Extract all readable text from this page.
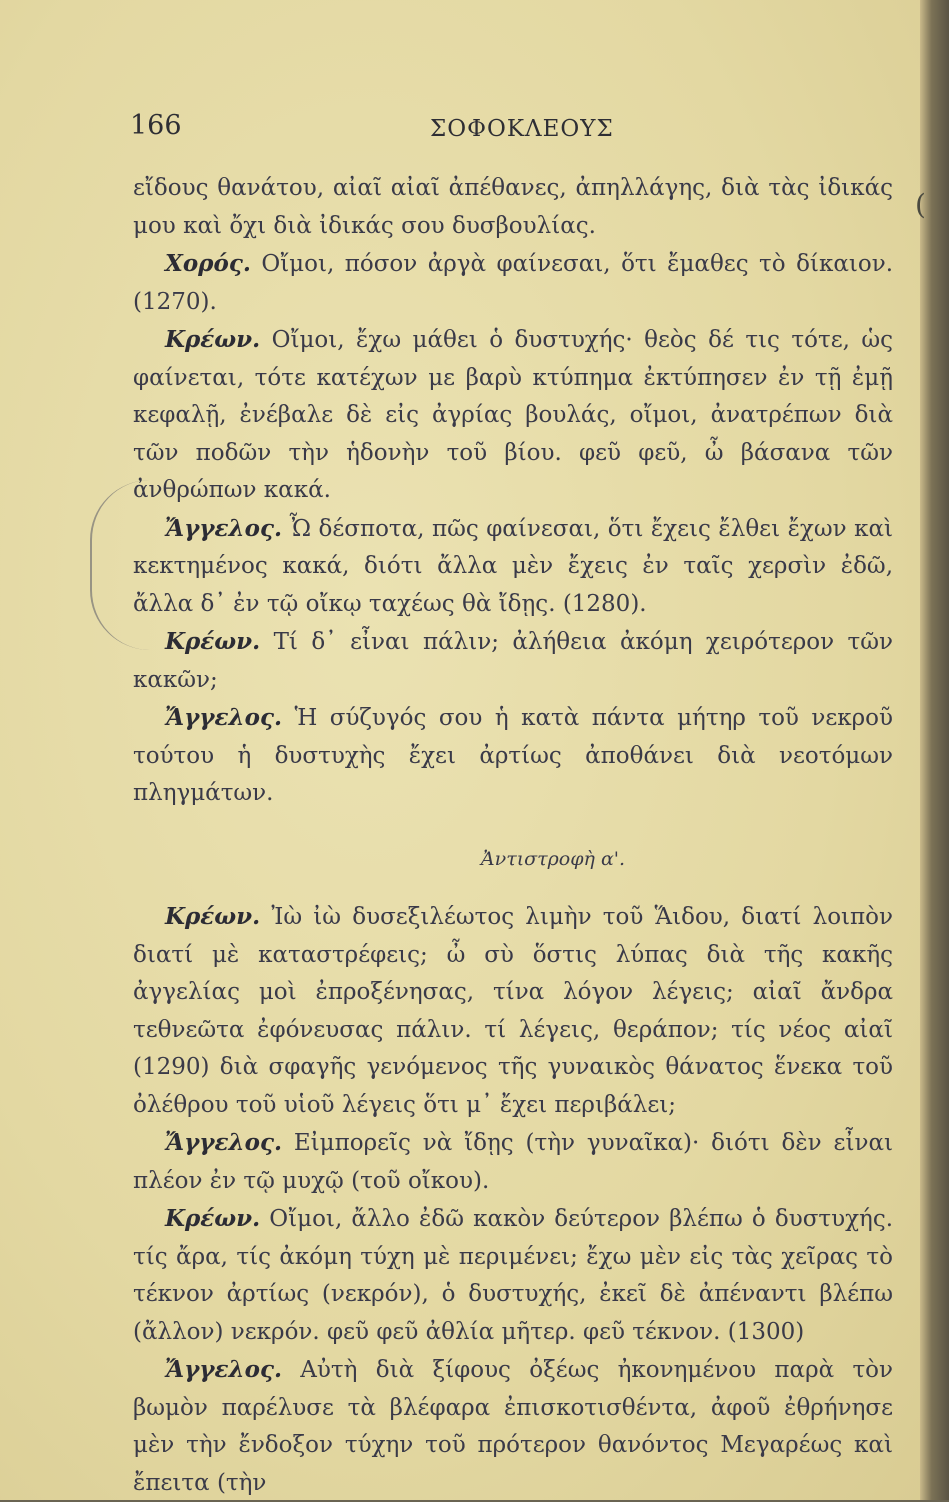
166	ΣΟΦΟΚΛΕΟΥΣ

εἴδους θανάτου, αἰαῖ αἰαῖ ἀπέθανες, ἀπηλλάγης, διὰ τὰς ἰδικάς μου καὶ ὄχι διὰ ἰδικάς σου δυσβουλίας.

Χορός. Οἴμοι, πόσον ἀργὰ φαίνεσαι, ὅτι ἔμαθες τὸ δίκαιον. (1270).

Κρέων. Οἴμοι, ἔχω μάθει ὁ δυστυχής· θεὸς δέ τις τότε, ὡς φαίνεται, τότε κατέχων με βαρὺ κτύπημα ἐκτύπησεν ἐν τῇ ἐμῇ κεφαλῇ, ἐνέβαλε δὲ εἰς ἀγρίας βουλάς, οἴμοι, ἀνατρέπων διὰ τῶν ποδῶν τὴν ἡδονὴν τοῦ βίου. φεῦ φεῦ, ὦ βάσανα τῶν ἀνθρώπων κακά.

Ἄγγελος. Ὦ δέσποτα, πῶς φαίνεσαι, ὅτι ἔχεις ἔλθει ἔχων καὶ κεκτημένος κακά, διότι ἄλλα μὲν ἔχεις ἐν ταῖς χερσὶν ἐδῶ, ἄλλα δ᾽ ἐν τῷ οἴκῳ ταχέως θὰ ἴδῃς. (1280).

Κρέων. Τί δ᾽ εἶναι πάλιν; ἀλήθεια ἀκόμη χειρότερον τῶν κακῶν;

Ἄγγελος. Ἡ σύζυγός σου ἡ κατὰ πάντα μήτηρ τοῦ νεκροῦ τούτου ἡ δυστυχὴς ἔχει ἀρτίως ἀποθάνει διὰ νεοτόμων πληγμάτων.

Ἀντιστροφὴ α'.

Κρέων. Ἰὼ ἰὼ δυσεξιλέωτος λιμὴν τοῦ Ἅιδου, διατί λοιπὸν διατί μὲ καταστρέφεις; ὦ σὺ ὅστις λύπας διὰ τῆς κακῆς ἀγγελίας μοὶ ἐπροξένησας, τίνα λόγον λέγεις; αἰαῖ ἄνδρα τεθνεῶτα ἐφόνευσας πάλιν. τί λέγεις, θεράπον; τίς νέος αἰαῖ (1290) διὰ σφαγῆς γενόμενος τῆς γυναικὸς θάνατος ἕνεκα τοῦ ὀλέθρου τοῦ υἱοῦ λέγεις ὅτι μ᾽ ἔχει περιβάλει;

Ἄγγελος. Εἰμπορεῖς νὰ ἴδῃς (τὴν γυναῖκα)· διότι δὲν εἶναι πλέον ἐν τῷ μυχῷ (τοῦ οἴκου).

Κρέων. Οἴμοι, ἄλλο ἐδῶ κακὸν δεύτερον βλέπω ὁ δυστυχής. τίς ἄρα, τίς ἀκόμη τύχη μὲ περιμένει; ἔχω μὲν εἰς τὰς χεῖρας τὸ τέκνον ἀρτίως (νεκρόν), ὁ δυστυχής, ἐκεῖ δὲ ἀπέναντι βλέπω (ἄλλον) νεκρόν. φεῦ φεῦ ἀθλία μῆτερ. φεῦ τέκνον. (1300)

Ἄγγελος. Αὐτὴ διὰ ξίφους ὀξέως ἠκονημένου παρὰ τὸν βωμὸν παρέλυσε τὰ βλέφαρα ἐπισκοτισθέντα, ἀφοῦ ἐθρήνησε μὲν τὴν ἔνδοξον τύχην τοῦ πρότερον θανόντος Μεγαρέως καὶ ἔπειτα (τὴν

(
